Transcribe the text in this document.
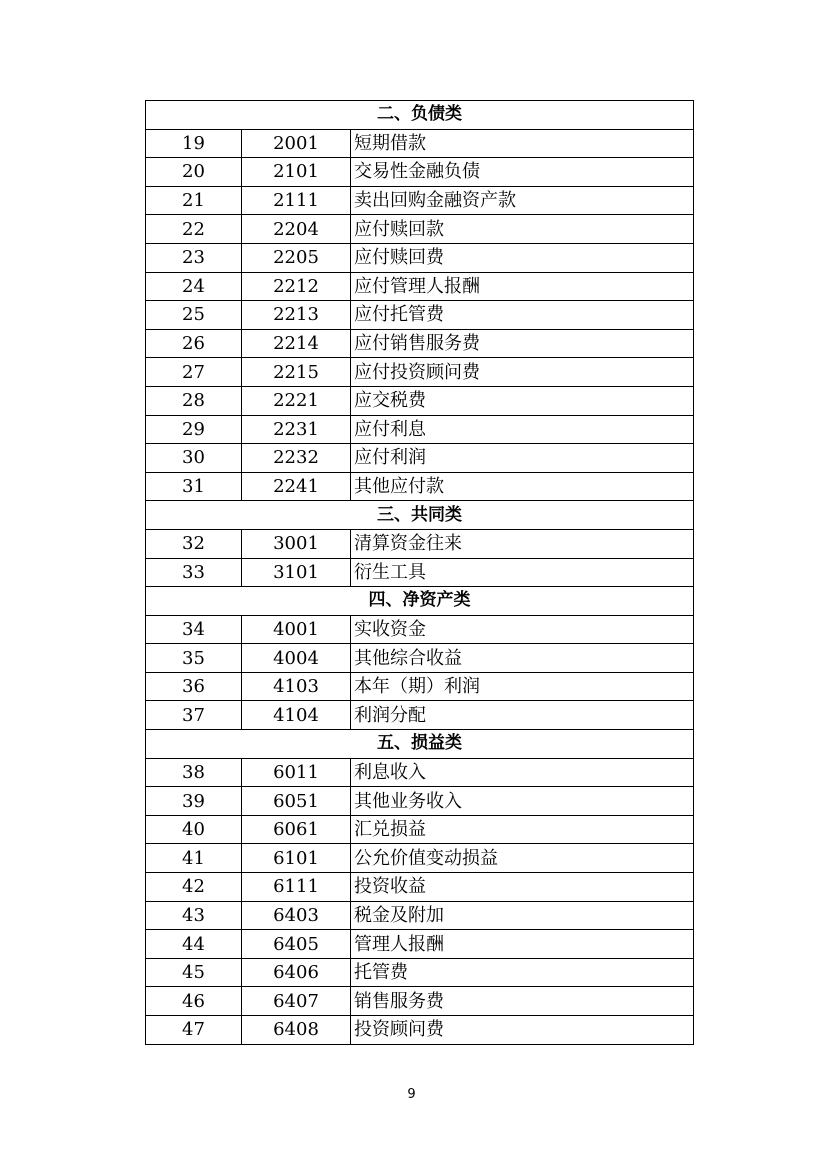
二、负债类		
19	2001	短期借款
20	2101	交易性金融负债
21	2111	卖出回购金融资产款
22	2204	应付赎回款
23	2205	应付赎回费
24	2212	应付管理人报酬
25	2213	应付托管费
26	2214	应付销售服务费
27	2215	应付投资顾问费
28	2221	应交税费
29	2231	应付利息
30	2232	应付利润
31	2241	其他应付款
三、共同类		
32	3001	清算资金往来
33	3101	衍生工具
四、净资产类		
34	4001	实收资金
35	4004	其他综合收益
36	4103	本年（期）利润
37	4104	利润分配
五、损益类		
38	6011	利息收入
39	6051	其他业务收入
40	6061	汇兑损益
41	6101	公允价值变动损益
42	6111	投资收益
43	6403	税金及附加
44	6405	管理人报酬
45	6406	托管费
46	6407	销售服务费
47	6408	投资顾问费
9
